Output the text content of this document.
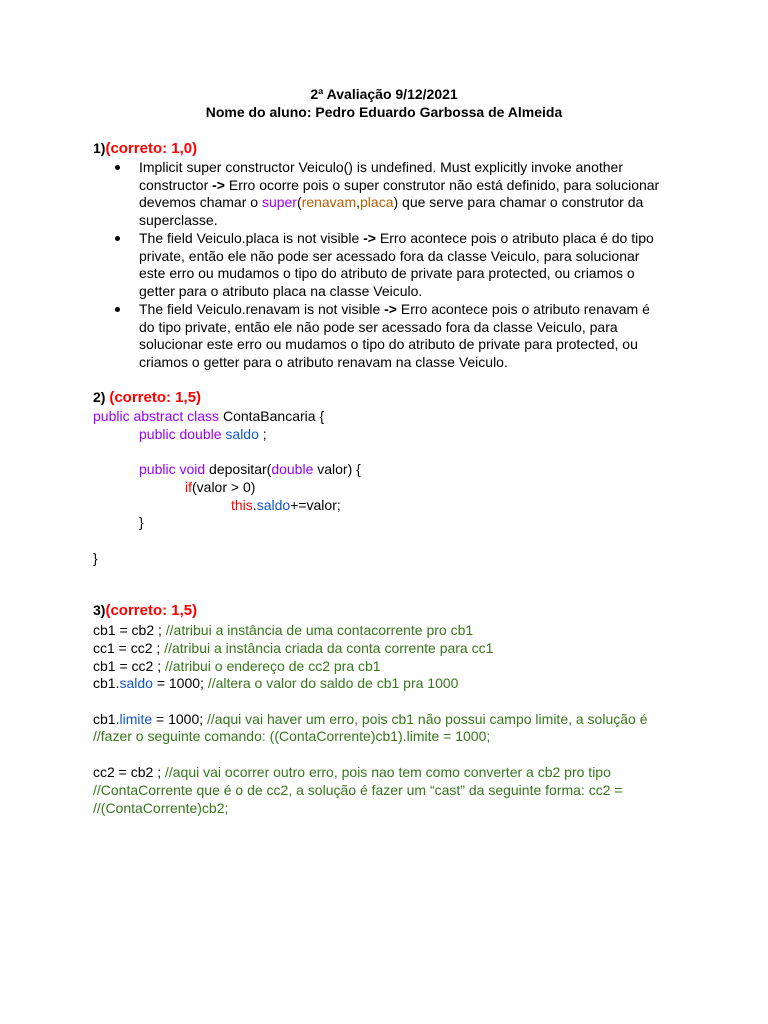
2ª Avaliação 9/12/2021
Nome do aluno: Pedro Eduardo Garbossa de Almeida
1)(correto: 1,0)
Implicit super constructor Veiculo() is undefined. Must explicitly invoke another
constructor -> Erro ocorre pois o super construtor não está definido, para solucionar
devemos chamar o super(renavam,placa) que serve para chamar o construtor da
superclasse.
The field Veiculo.placa is not visible -> Erro acontece pois o atributo placa é do tipo
private, então ele não pode ser acessado fora da classe Veiculo, para solucionar
este erro ou mudamos o tipo do atributo de private para protected, ou criamos o
getter para o atributo placa na classe Veiculo.
The field Veiculo.renavam is not visible -> Erro acontece pois o atributo renavam é
do tipo private, então ele não pode ser acessado fora da classe Veiculo, para
solucionar este erro ou mudamos o tipo do atributo de private para protected, ou
criamos o getter para o atributo renavam na classe Veiculo.
2) (correto: 1,5)
public abstract class ContaBancaria {
public double saldo ;
public void depositar(double valor) {
if(valor > 0)
this.saldo+=valor;
}
}
3)(correto: 1,5)
cb1 = cb2 ; //atribui a instância de uma contacorrente pro cb1
cc1 = cc2 ; //atribui a instância criada da conta corrente para cc1
cb1 = cc2 ; //atribui o endereço de cc2 pra cb1
cb1.saldo = 1000; //altera o valor do saldo de cb1 pra 1000
cb1.limite = 1000; //aqui vai haver um erro, pois cb1 não possui campo limite, a solução é
//fazer o seguinte comando: ((ContaCorrente)cb1).limite = 1000;
cc2 = cb2 ; //aqui vai ocorrer outro erro, pois nao tem como converter a cb2 pro tipo
//ContaCorrente que é o de cc2, a solução é fazer um “cast” da seguinte forma: cc2 =
//(ContaCorrente)cb2;
